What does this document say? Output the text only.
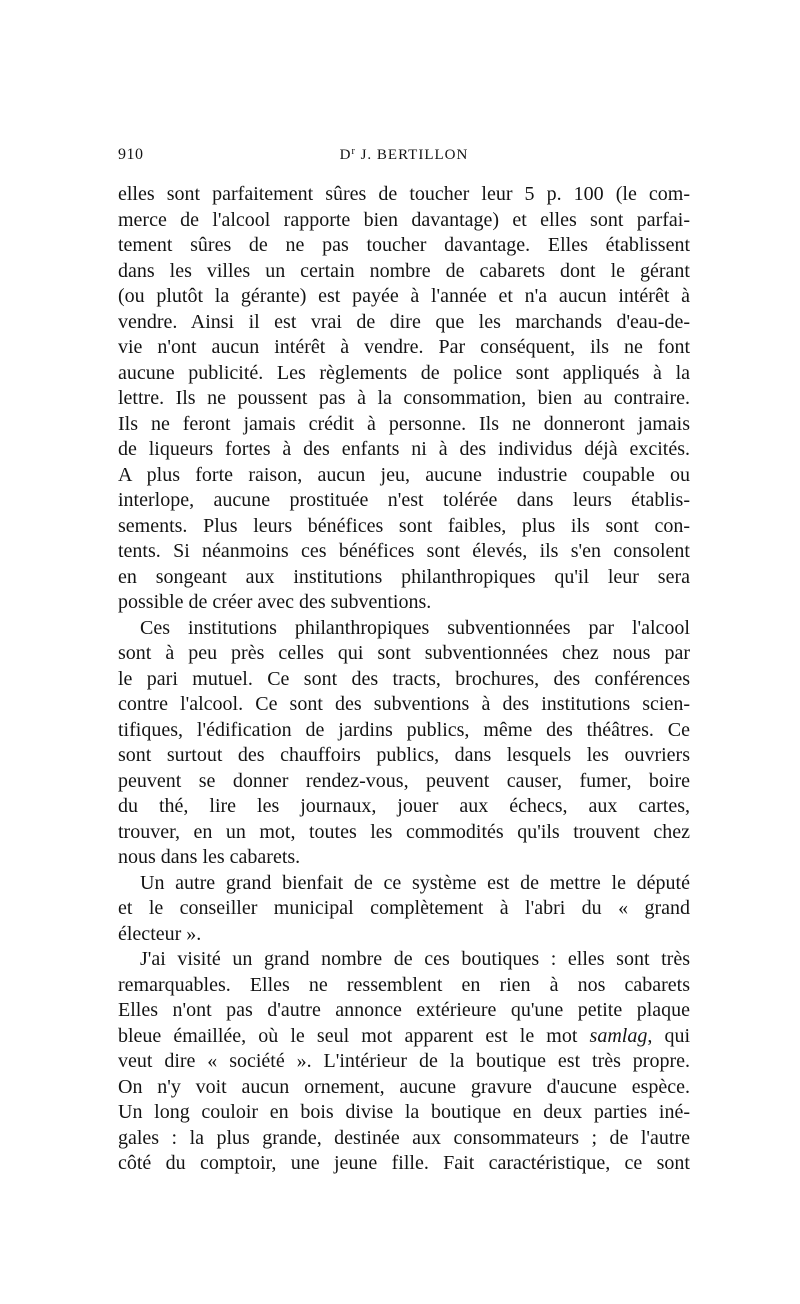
910	$D^r$ J. BERTILLON
elles sont parfaitement sûres de toucher leur 5 p. 100 (le com-
merce de l'alcool rapporte bien davantage) et elles sont parfai-
tement sûres de ne pas toucher davantage. Elles établissent
dans les villes un certain nombre de cabarets dont le gérant
(ou plutôt la gérante) est payée à l'année et n'a aucun intérêt à
vendre. Ainsi il est vrai de dire que les marchands d'eau-de-
vie n'ont aucun intérêt à vendre. Par conséquent, ils ne font
aucune publicité. Les règlements de police sont appliqués à la
lettre. Ils ne poussent pas à la consommation, bien au contraire.
Ils ne feront jamais crédit à personne. Ils ne donneront jamais
de liqueurs fortes à des enfants ni à des individus déjà excités.
A plus forte raison, aucun jeu, aucune industrie coupable ou
interlope, aucune prostituée n'est tolérée dans leurs établis-
sements. Plus leurs bénéfices sont faibles, plus ils sont con-
tents. Si néanmoins ces bénéfices sont élevés, ils s'en consolent
en songeant aux institutions philanthropiques qu'il leur sera
possible de créer avec des subventions.
Ces institutions philanthropiques subventionnées par l'alcool
sont à peu près celles qui sont subventionnées chez nous par
le pari mutuel. Ce sont des tracts, brochures, des conférences
contre l'alcool. Ce sont des subventions à des institutions scien-
tifiques, l'édification de jardins publics, même des théâtres. Ce
sont surtout des chauffoirs publics, dans lesquels les ouvriers
peuvent se donner rendez-vous, peuvent causer, fumer, boire
du thé, lire les journaux, jouer aux échecs, aux cartes,
trouver, en un mot, toutes les commodités qu'ils trouvent chez
nous dans les cabarets.
Un autre grand bienfait de ce système est de mettre le député
et le conseiller municipal complètement à l'abri du « grand
électeur ».
J'ai visité un grand nombre de ces boutiques : elles sont très
remarquables. Elles ne ressemblent en rien à nos cabarets
Elles n'ont pas d'autre annonce extérieure qu'une petite plaque
bleue émaillée, où le seul mot apparent est le mot samlag, qui
veut dire « société ». L'intérieur de la boutique est très propre.
On n'y voit aucun ornement, aucune gravure d'aucune espèce.
Un long couloir en bois divise la boutique en deux parties iné-
gales : la plus grande, destinée aux consommateurs ; de l'autre
côté du comptoir, une jeune fille. Fait caractéristique, ce sont
